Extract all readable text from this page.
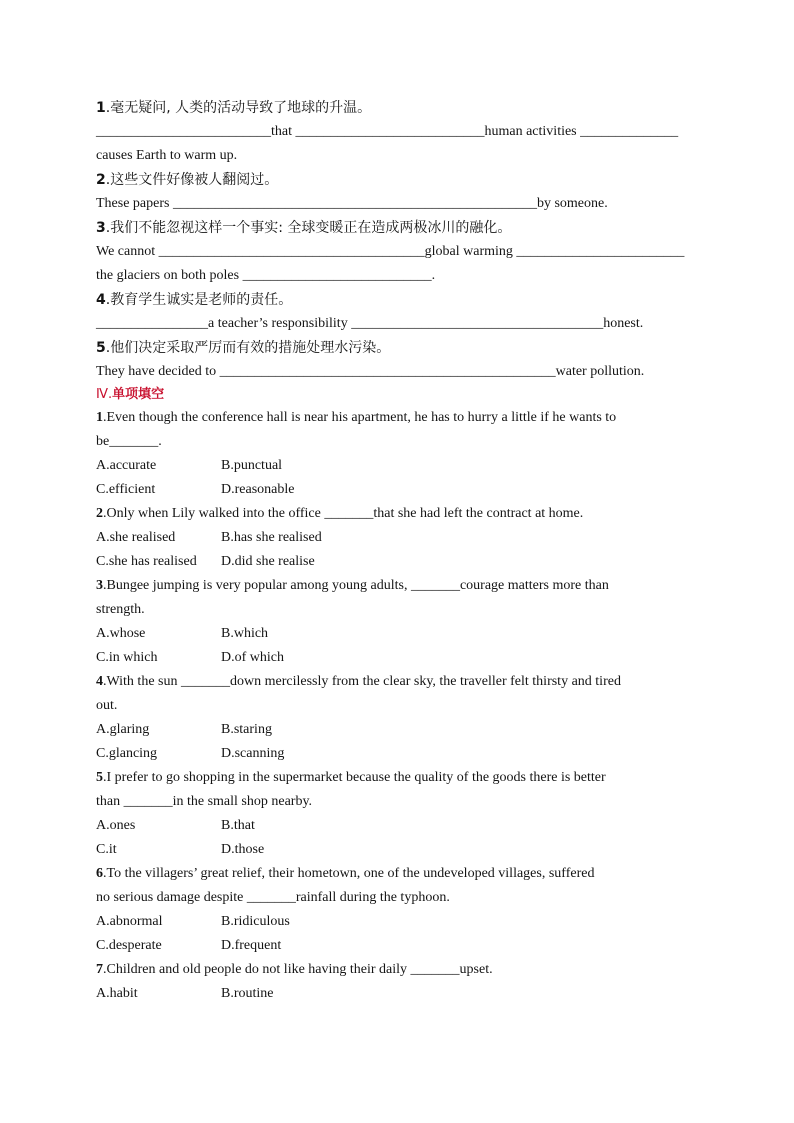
1.毫无疑问, 人类的活动导致了地球的升温。
_________________________that ___________________________human activities ______________
causes Earth to warm up.
2.这些文件好像被人翻阅过。
These papers ____________________________________________________by someone.
3.我们不能忽视这样一个事实: 全球变暖正在造成两极冰川的融化。
We cannot ______________________________________global warming ________________________
the glaciers on both poles ___________________________.
4.教育学生诚实是老师的责任。
________________a teacher’s responsibility ____________________________________honest.
5.他们决定采取严厉而有效的措施处理水污染。
They have decided to ________________________________________________water pollution.
Ⅳ.单项填空
1.Even though the conference hall is near his apartment, he has to hurry a little if he wants to
be_______.
A.accurate	B.punctual
C.efficient	D.reasonable
2.Only when Lily walked into the office _______that she had left the contract at home.
A.she realised	B.has she realised
C.she has realised D.did she realise
3.Bungee jumping is very popular among young adults, _______courage matters more than
strength.
A.whose	B.which
C.in which	D.of which
4.With the sun _______down mercilessly from the clear sky, the traveller felt thirsty and tired
out.
A.glaring	B.staring
C.glancing	D.scanning
5.I prefer to go shopping in the supermarket because the quality of the goods there is better
than _______in the small shop nearby.
A.ones	B.that
C.it	D.those
6.To the villagers’ great relief, their hometown, one of the undeveloped villages, suffered
no serious damage despite _______rainfall during the typhoon.
A.abnormal	B.ridiculous
C.desperate	D.frequent
7.Children and old people do not like having their daily _______upset.
A.habit	B.routine
